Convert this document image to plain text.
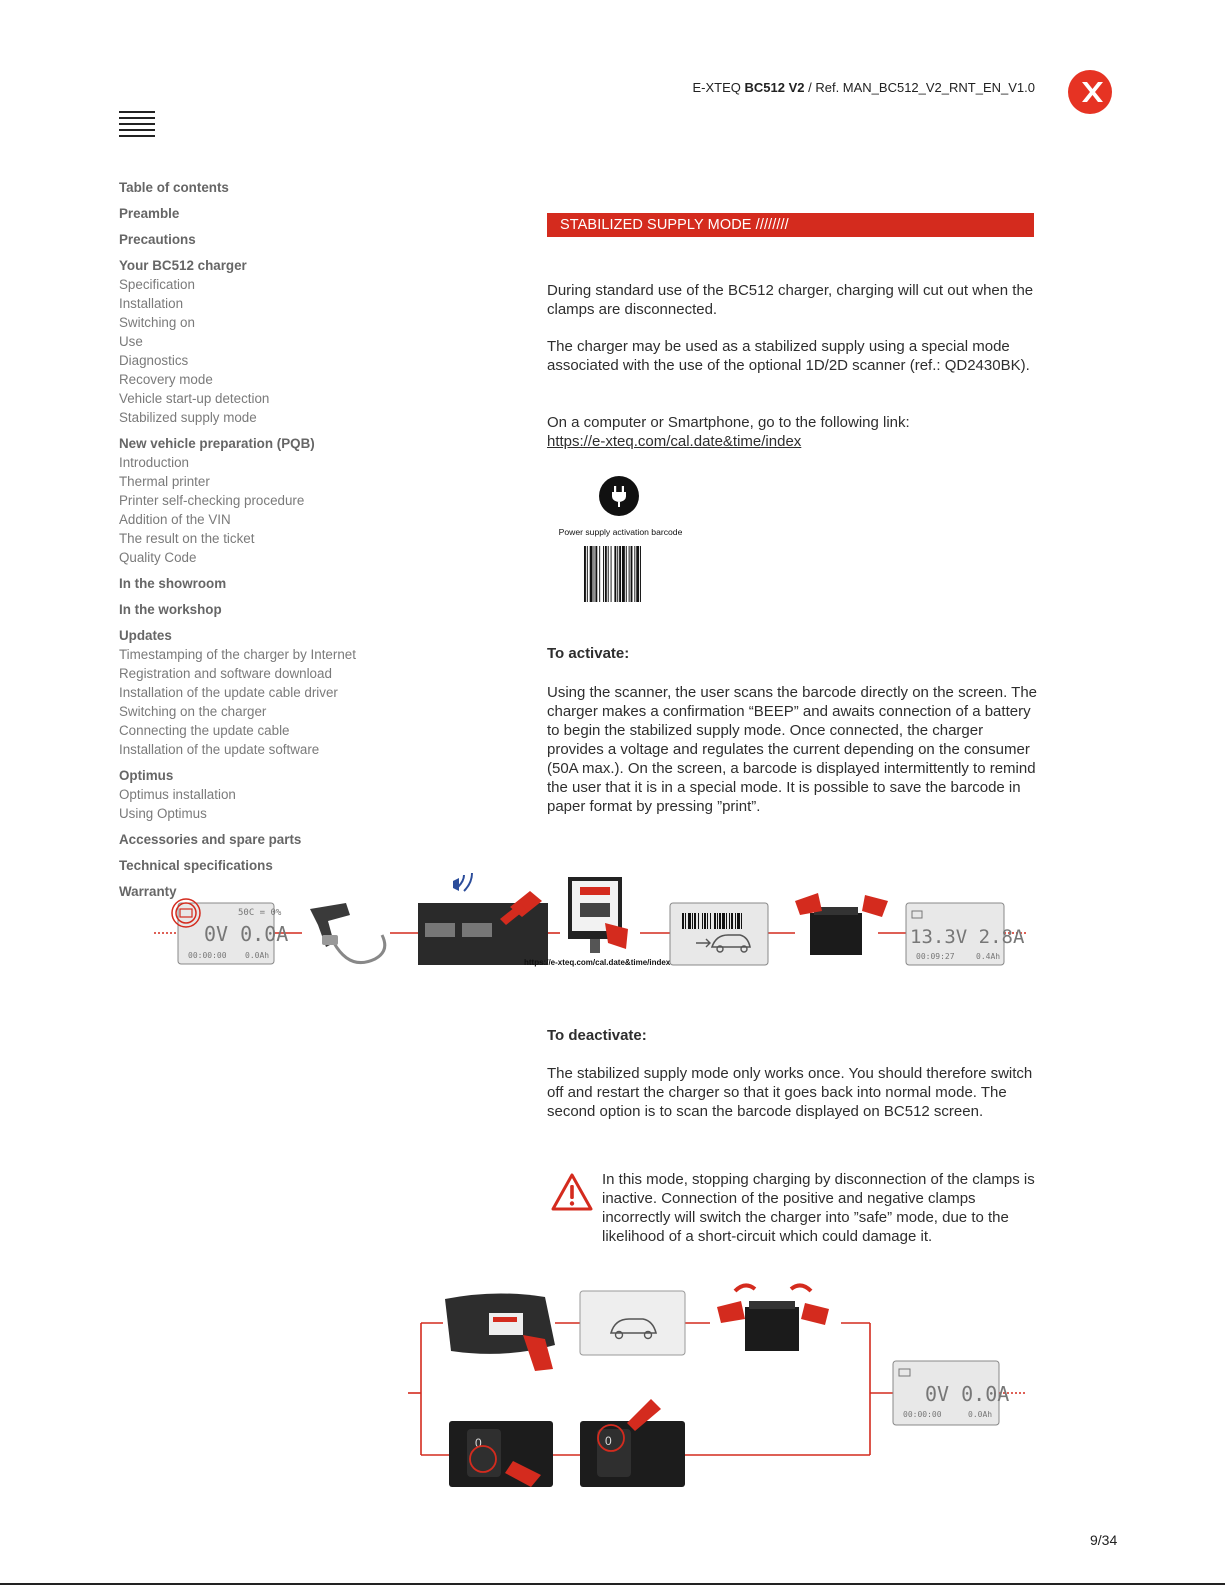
E-XTEQ BC512 V2 / Ref. MAN_BC512_V2_RNT_EN_V1.0
Table of contents
Preamble
Precautions
Your BC512 charger
Specification
Installation
Switching on
Use
Diagnostics
Recovery mode
Vehicle start-up detection
Stabilized supply mode
New vehicle preparation (PQB)
Introduction
Thermal printer
Printer self-checking procedure
Addition of the VIN
The result on the ticket
Quality Code
In the showroom
In the workshop
Updates
Timestamping of the charger by Internet
Registration and software download
Installation of the update cable driver
Switching on the charger
Connecting the update cable
Installation of the update software
Optimus
Optimus installation
Using Optimus
Accessories and spare parts
Technical specifications
Warranty
STABILIZED SUPPLY MODE ////////

During standard use of the BC512 charger, charging will cut out when the clamps are disconnected.

The charger may be used as a stabilized supply using a special mode associated with the use of the optional 1D/2D scanner (ref.: QD2430BK).

On a computer or Smartphone, go to the following link:
https://e-xteq.com/cal.date&time/index
Power supply activation barcode
To activate:

Using the scanner, the user scans the barcode directly on the screen. The charger makes a confirmation “BEEP” and awaits connection of a battery to begin the stabilized supply mode. Once connected, the charger provides a voltage and regulates the current depending on the consumer (50A max.). On the screen, a barcode is displayed intermittently to remind the user that it is in a special mode. It is possible to save the barcode in paper format by pressing ”print”.

50C = 0%
0V 0.0A
00:00:00 0.0Ah
https://e-xteq.com/cal.date&time/index
13.3V 2.8A
00:09:27	0.4Ah
To deactivate:

The stabilized supply mode only works once. You should therefore switch off and restart the charger so that it goes back into normal mode. The second option is to scan the barcode displayed on BC512 screen.

In this mode, stopping charging by disconnection of the clamps is inactive. Connection of the positive and negative clamps incorrectly will switch the charger into ”safe” mode, due to the likelihood of a short-circuit which could damage it.

0	0
0V 0.0A
00:00:00	0.0Ah
9/34
